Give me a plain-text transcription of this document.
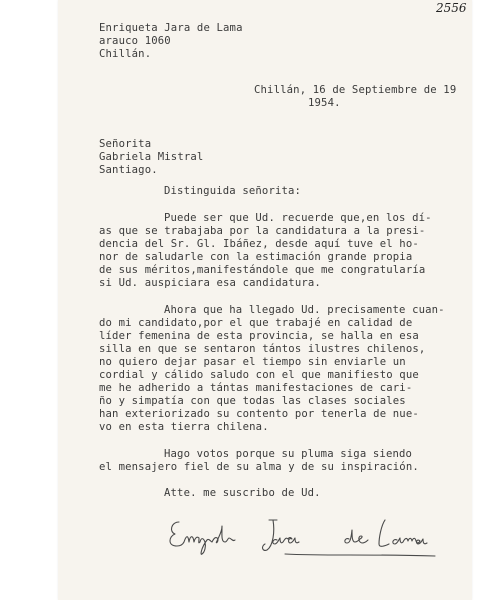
2556
Enriqueta Jara de Lama
arauco 1060
Chillán.
Chillán, 16 de Septiembre de 19
1954.
Señorita
Gabriela Mistral
Santiago.
Distinguida señorita:
Puede ser que Ud. recuerde que,en los dí-
as que se trabajaba por la candidatura a la presi-
dencia del Sr. Gl. Ibáñez, desde aquí tuve el ho-
nor de saludarle con la estimación grande propia
de sus méritos,manifestándole que me congratularía
si Ud. auspiciara esa candidatura.
Ahora que ha llegado Ud. precisamente cuan-
do mi candidato,por el que trabajé en calidad de
líder femenina de esta provincia, se halla en esa
silla en que se sentaron tántos ilustres chilenos,
no quiero dejar pasar el tiempo sin enviarle un
cordial y cálido saludo con el que manifiesto que
me he adherido a tántas manifestaciones de cari-
ño y simpatía con que todas las clases sociales
han exteriorizado su contento por tenerla de nue-
vo en esta tierra chilena.
Hago votos porque su pluma siga siendo
el mensajero fiel de su alma y de su inspiración.
Atte. me suscribo de Ud.
